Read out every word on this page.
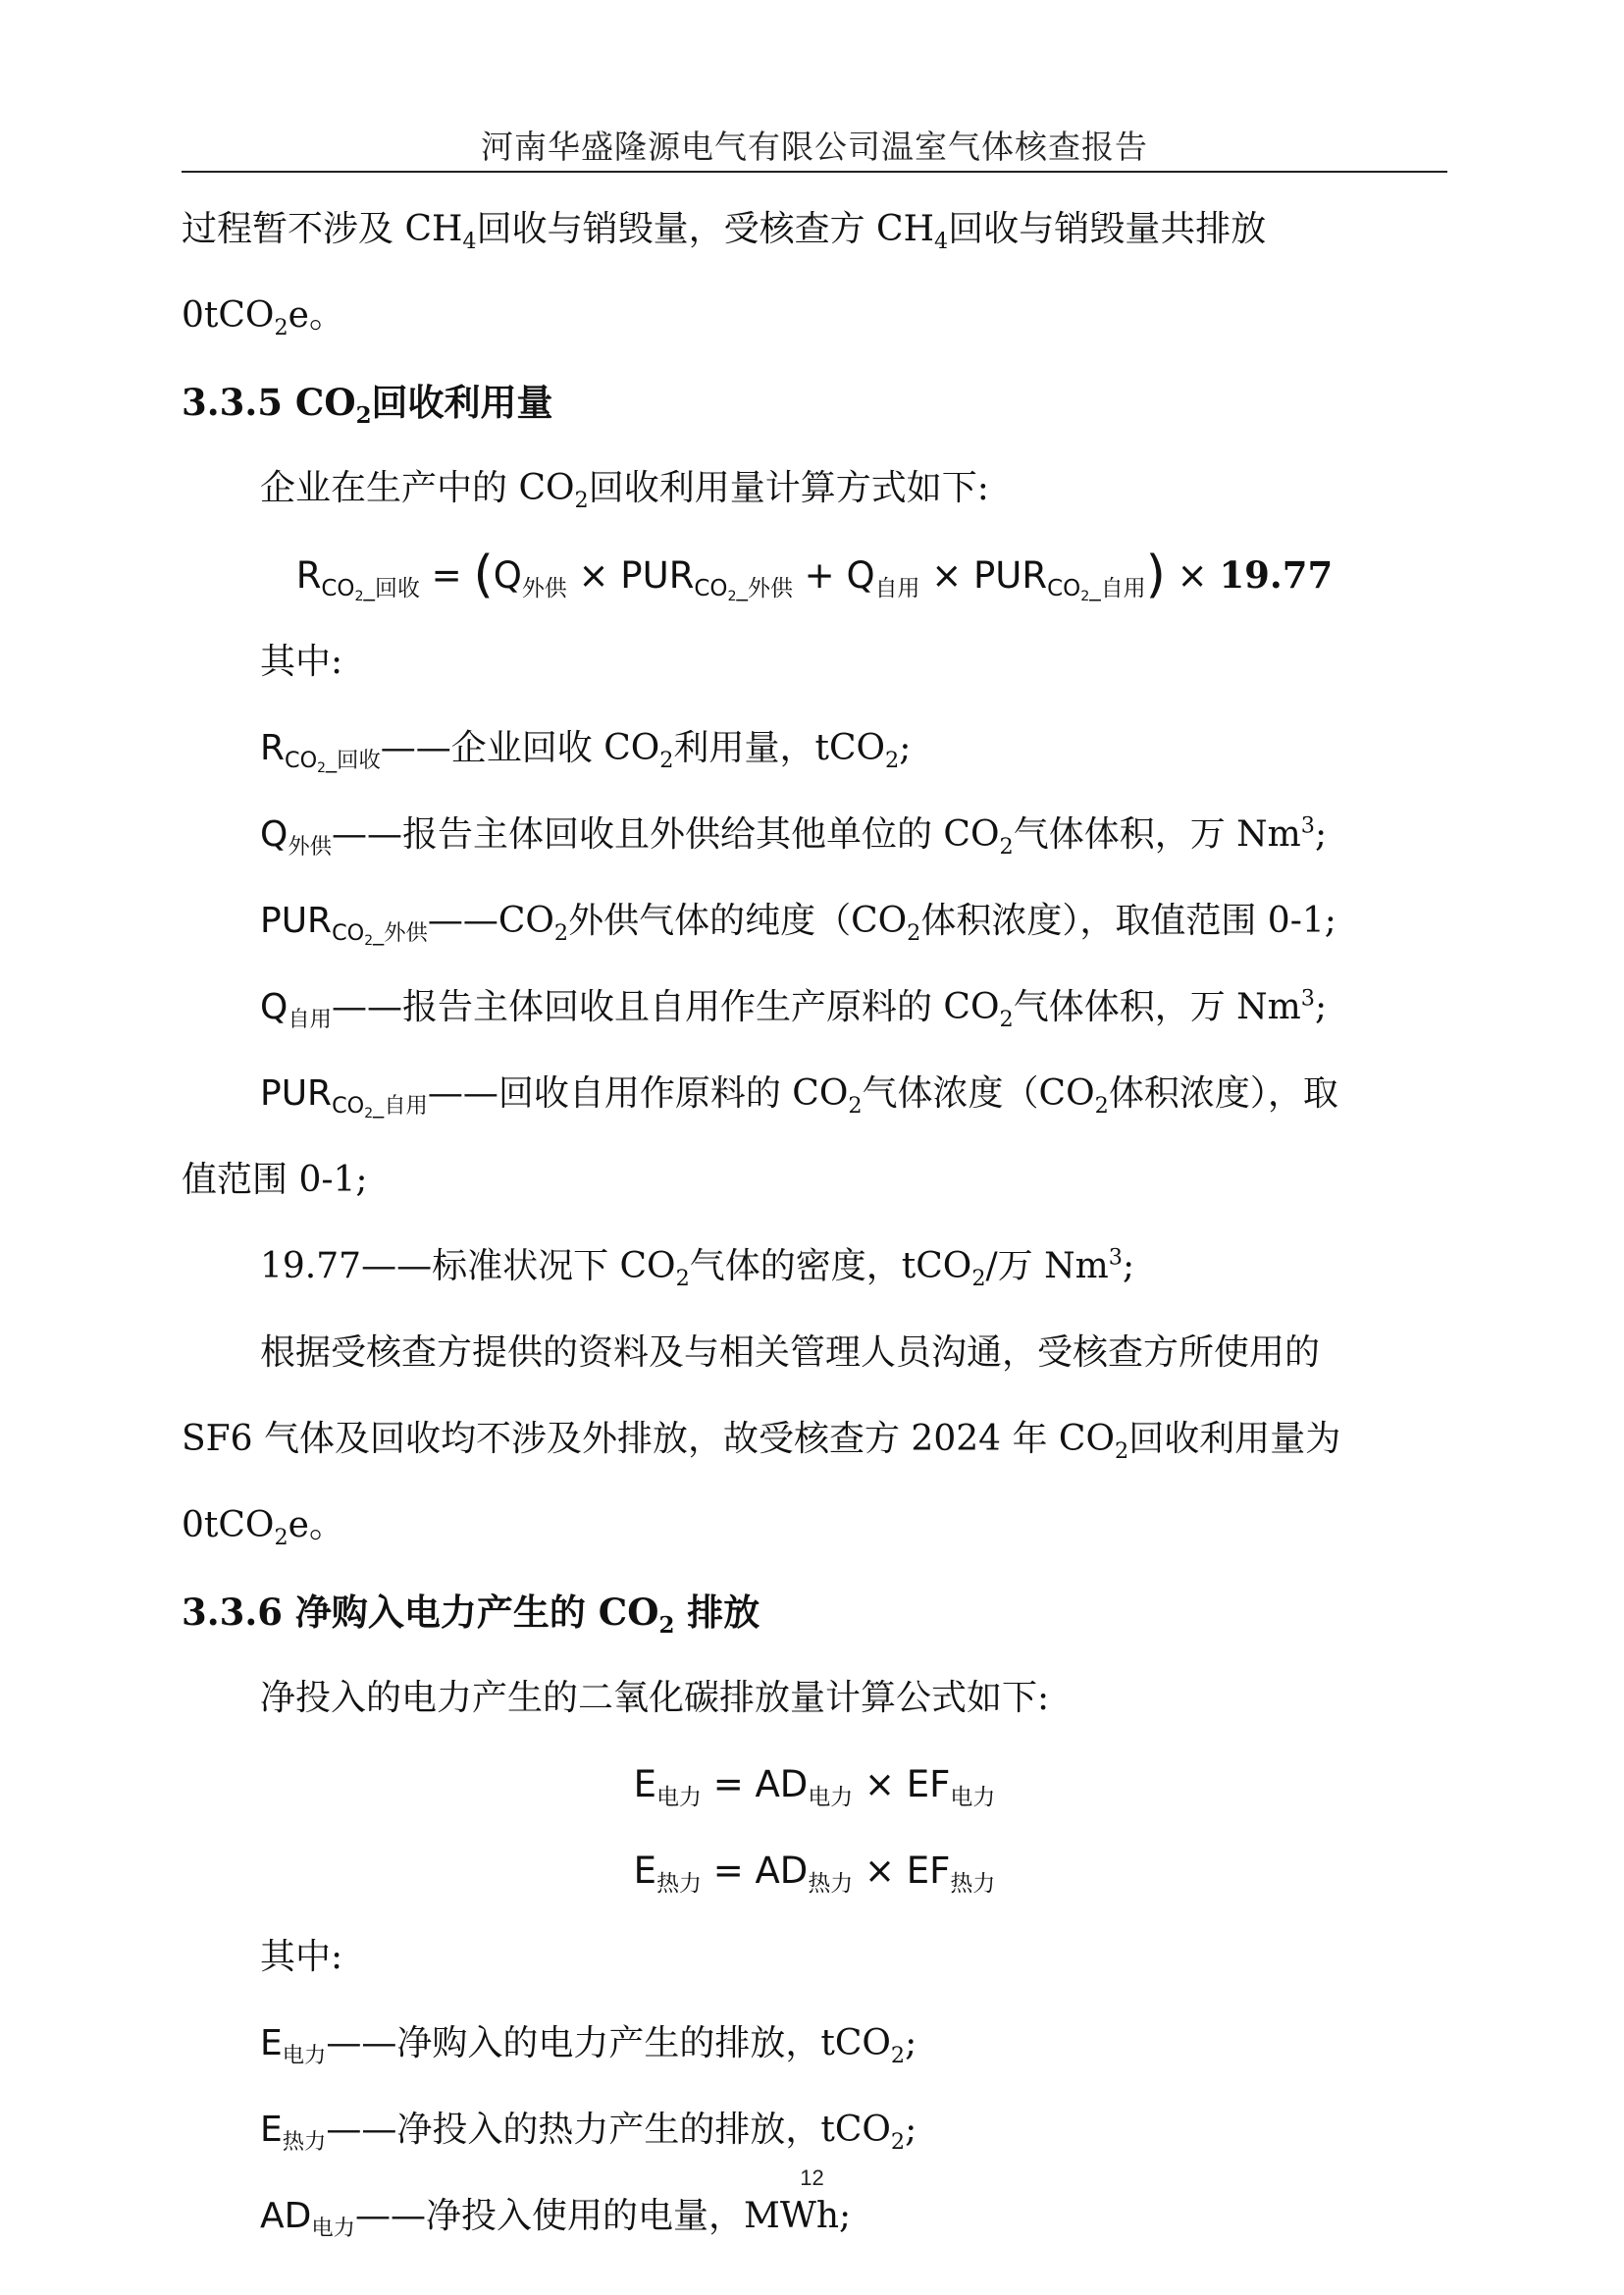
河南华盛隆源电气有限公司温室气体核查报告

过程暂不涉及 $CH_4$回收与销毁量，受核查方 $CH_4$回收与销毁量共排放

0tCO$_2$e。

3.3.5 $CO_2$回收利用量

企业在生产中的 $CO_2$回收利用量计算方式如下:

$R_{CO_2\_回收} = (Q_{外供} \times PUR_{CO_2\_外供} + Q_{自用} \times PUR_{CO_2\_自用}) \times 19.77$

其中:

$R_{CO_2\_回收}——$企业回收 $CO_2$利用量，tCO$_2$;

$Q_{外供}——$报告主体回收且外供给其他单位的 $CO_2$气体体积，万 Nm$^3$;

$PUR_{CO_2\_外供}——CO_2$外供气体的纯度（$CO_2$体积浓度），取值范围 0-1;

$Q_{自用}——$报告主体回收且自用作生产原料的 $CO_2$气体体积，万 Nm$^3$;

$PUR_{CO_2\_自用}——$回收自用作原料的 $CO_2$气体浓度（$CO_2$体积浓度），取

值范围 0-1;

19.77——标准状况下 $CO_2$气体的密度，tCO$_2$/万 Nm$^3$;

根据受核查方提供的资料及与相关管理人员沟通，受核查方所使用的

SF6 气体及回收均不涉及外排放，故受核查方 2024 年 $CO_2$回收利用量为

0tCO$_2$e。

3.3.6 净购入电力产生的 $CO_2$ 排放

净投入的电力产生的二氧化碳排放量计算公式如下:

$E_{电力} = AD_{电力} \times EF_{电力}$

$E_{热力} = AD_{热力} \times EF_{热力}$

其中:

$E_{电力}——$净购入的电力产生的排放，tCO$_2$;

$E_{热力}——$净投入的热力产生的排放，tCO$_2$;

$AD_{电力}——$净投入使用的电量，MWh;

12
